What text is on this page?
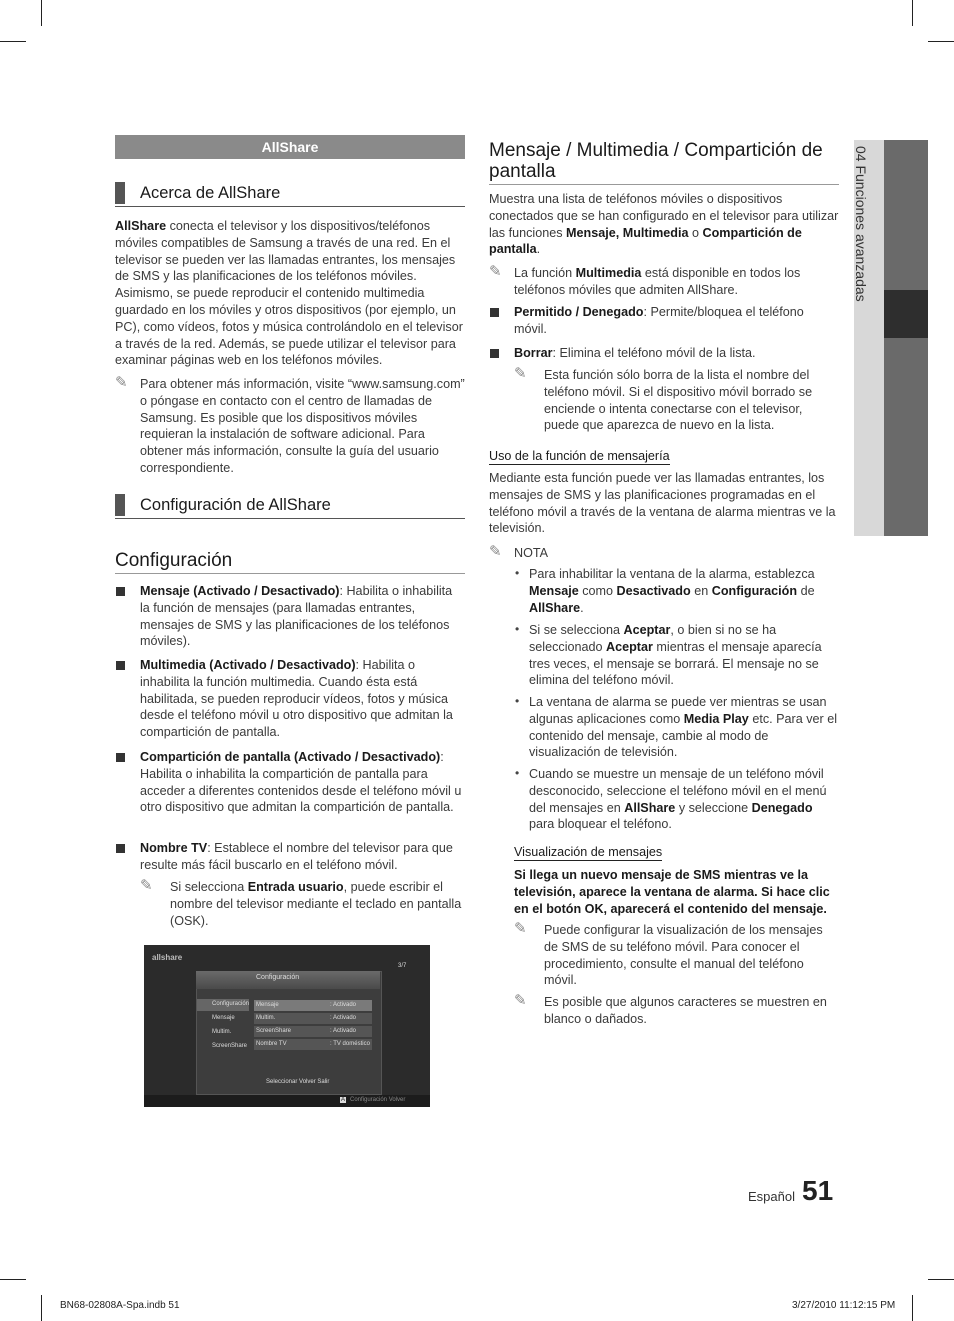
04 Funciones avanzadas
AllShare
Acerca de AllShare
AllShare conecta el televisor y los dispositivos/teléfonos móviles compatibles de Samsung a través de una red. En el televisor se pueden ver las llamadas entrantes, los mensajes de SMS y las planificaciones de los teléfonos móviles. Asimismo, se puede reproducir el contenido multimedia guardado en los móviles y otros dispositivos (por ejemplo, un PC), como vídeos, fotos y música controlándolo en el televisor a través de la red. Además, se puede utilizar el televisor para examinar páginas web en los teléfonos móviles.
✎ Para obtener más información, visite “www.samsung.com” o póngase en contacto con el centro de llamadas de Samsung. Es posible que los dispositivos móviles requieran la instalación de software adicional. Para obtener más información, consulte la guía del usuario correspondiente.
Configuración de AllShare
Configuración
Mensaje (Activado / Desactivado): Habilita o inhabilita la función de mensajes (para llamadas entrantes, mensajes de SMS y las planificaciones de los teléfonos móviles).
Multimedia (Activado / Desactivado): Habilita o inhabilita la función multimedia. Cuando ésta está habilitada, se pueden reproducir vídeos, fotos y música desde el teléfono móvil u otro dispositivo que admitan la compartición de pantalla.
Compartición de pantalla (Activado / Desactivado): Habilita o inhabilita la compartición de pantalla para acceder a diferentes contenidos desde el teléfono móvil u otro dispositivo que admitan la compartición de pantalla.
Nombre TV: Establece el nombre del televisor para que resulte más fácil buscarlo en el teléfono móvil.
✎ Si selecciona Entrada usuario, puede escribir el nombre del televisor mediante el teclado en pantalla (OSK).
allshare
3/7
Configuración
Configuración
Mensaje
Multim.
ScreenShare
Mensaje	: Activado
Multim.	: Activado
ScreenShare	: Activado
Nombre TV	: TV doméstico
Seleccionar Volver Salir
A Configuración Volver
Mensaje / Multimedia / Compartición de pantalla
Muestra una lista de teléfonos móviles o dispositivos conectados que se han configurado en el televisor para utilizar las funciones Mensaje, Multimedia o Compartición de pantalla.
✎ La función Multimedia está disponible en todos los teléfonos móviles que admiten AllShare.
Permitido / Denegado: Permite/bloquea el teléfono móvil.
Borrar: Elimina el teléfono móvil de la lista.
✎ Esta función sólo borra de la lista el nombre del teléfono móvil. Si el dispositivo móvil borrado se enciende o intenta conectarse con el televisor, puede que aparezca de nuevo en la lista.
Uso de la función de mensajería
Mediante esta función puede ver las llamadas entrantes, los mensajes de SMS y las planificaciones programadas en el teléfono móvil a través de la ventana de alarma mientras ve la televisión.
✎ NOTA
• Para inhabilitar la ventana de la alarma, establezca Mensaje como Desactivado en Configuración de AllShare.
• Si se selecciona Aceptar, o bien si no se ha seleccionado Aceptar mientras el mensaje aparecía tres veces, el mensaje se borrará. El mensaje no se elimina del teléfono móvil.
• La ventana de alarma se puede ver mientras se usan algunas aplicaciones como Media Play etc. Para ver el contenido del mensaje, cambie al modo de visualización de televisión.
• Cuando se muestre un mensaje de un teléfono móvil desconocido, seleccione el teléfono móvil en el menú del mensajes en AllShare y seleccione Denegado para bloquear el teléfono.
Visualización de mensajes
Si llega un nuevo mensaje de SMS mientras ve la televisión, aparece la ventana de alarma. Si hace clic en el botón OK, aparecerá el contenido del mensaje.
✎ Puede configurar la visualización de los mensajes de SMS de su teléfono móvil. Para conocer el procedimiento, consulte el manual del teléfono móvil.
✎ Es posible que algunos caracteres se muestren en blanco o dañados.
Español 51
BN68-02808A-Spa.indb 51	3/27/2010 11:12:15 PM
